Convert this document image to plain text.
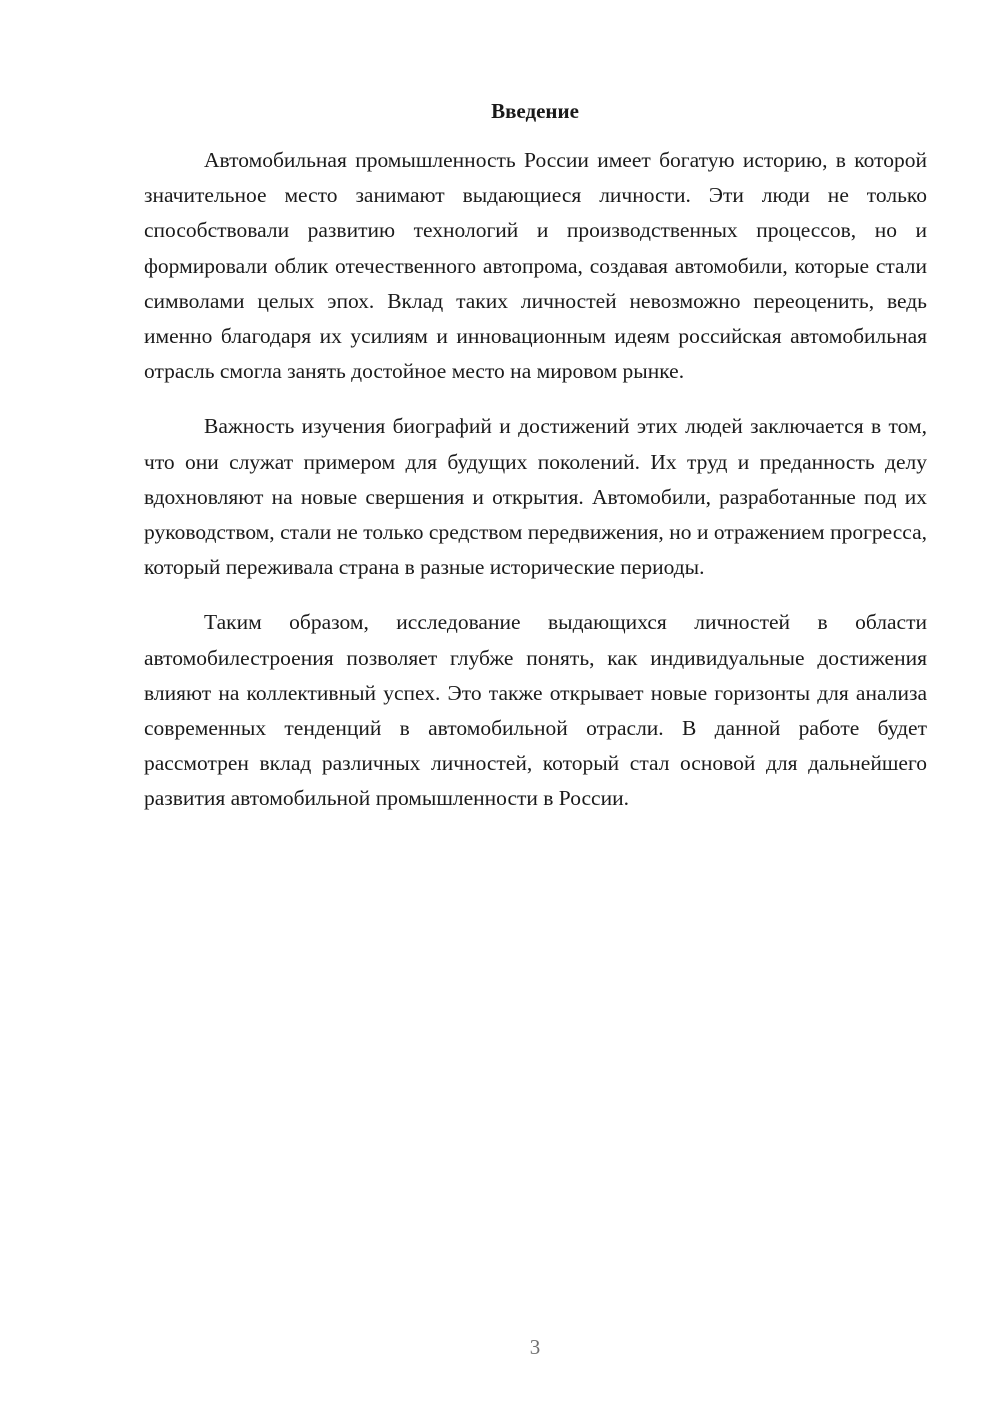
Введение

Автомобильная промышленность России имеет богатую историю, в которой значительное место занимают выдающиеся личности. Эти люди не только способствовали развитию технологий и производственных процессов, но и формировали облик отечественного автопрома, создавая автомобили, которые стали символами целых эпох. Вклад таких личностей невозможно переоценить, ведь именно благодаря их усилиям и инновационным идеям российская автомобильная отрасль смогла занять достойное место на мировом рынке.

Важность изучения биографий и достижений этих людей заключается в том, что они служат примером для будущих поколений. Их труд и преданность делу вдохновляют на новые свершения и открытия. Автомобили, разработанные под их руководством, стали не только средством передвижения, но и отражением прогресса, который переживала страна в разные исторические периоды.

Таким образом, исследование выдающихся личностей в области автомобилестроения позволяет глубже понять, как индивидуальные достижения влияют на коллективный успех. Это также открывает новые горизонты для анализа современных тенденций в автомобильной отрасли. В данной работе будет рассмотрен вклад различных личностей, который стал основой для дальнейшего развития автомобильной промышленности в России.

3
